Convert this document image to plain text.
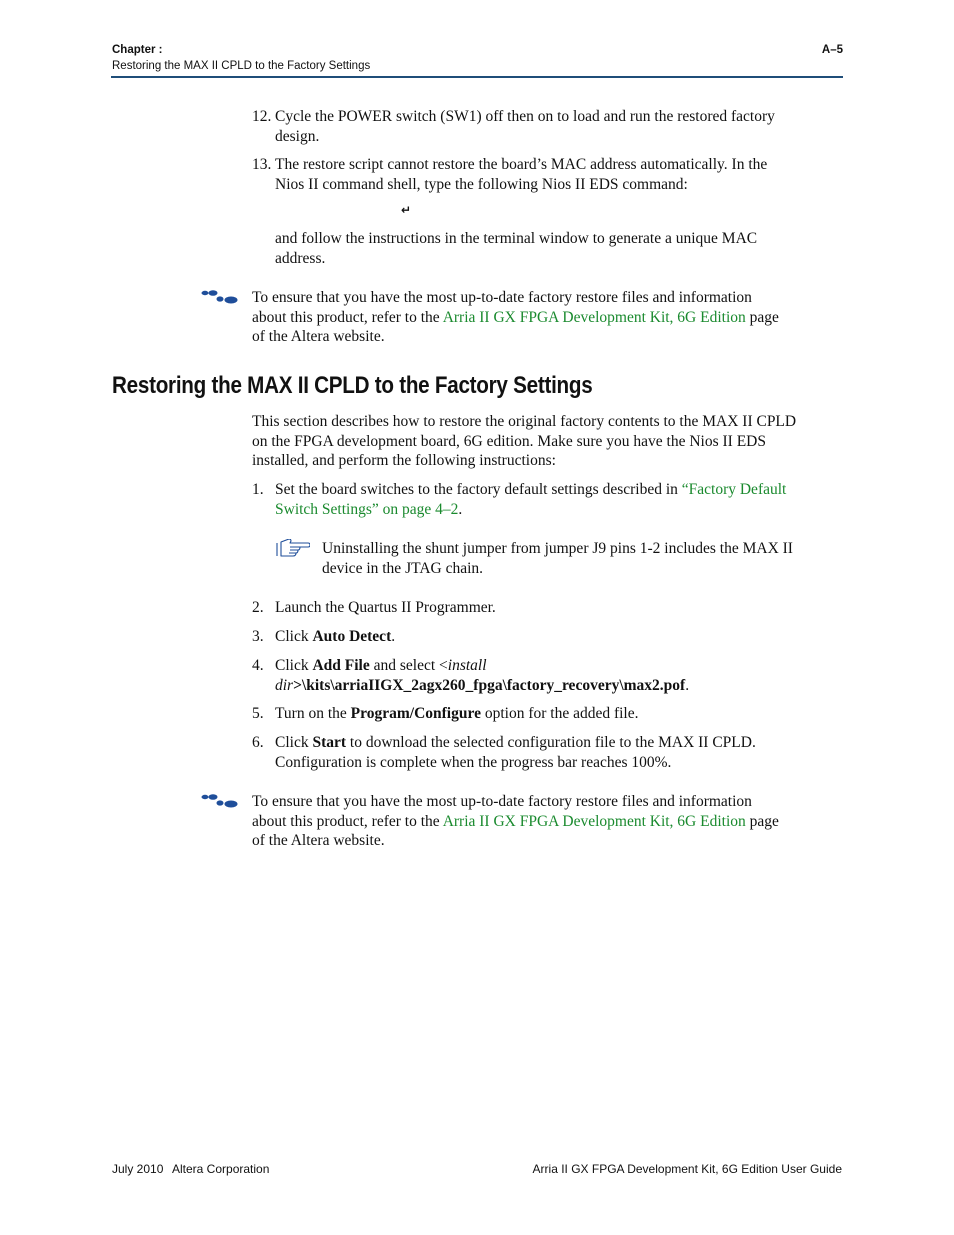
Chapter :
Restoring the MAX II CPLD to the Factory Settings
A–5
12. Cycle the POWER switch (SW1) off then on to load and run the restored factory
design.
13. The restore script cannot restore the board’s MAC address automatically. In the
Nios II command shell, type the following Nios II EDS command:
↵
and follow the instructions in the terminal window to generate a unique MAC
address.
To ensure that you have the most up-to-date factory restore files and information
about this product, refer to the Arria II GX FPGA Development Kit, 6G Edition page
of the Altera website.
Restoring the MAX II CPLD to the Factory Settings
This section describes how to restore the original factory contents to the MAX II CPLD
on the FPGA development board, 6G edition. Make sure you have the Nios II EDS
installed, and perform the following instructions:
1. Set the board switches to the factory default settings described in “Factory Default
Switch Settings” on page 4–2.
Uninstalling the shunt jumper from jumper J9 pins 1-2 includes the MAX II
device in the JTAG chain.
2. Launch the Quartus II Programmer.
3. Click Auto Detect.
4. Click Add File and select <install
dir>\kits\arriaIIGX_2agx260_fpga\factory_recovery\max2.pof.
5. Turn on the Program/Configure option for the added file.
6. Click Start to download the selected configuration file to the MAX II CPLD.
Configuration is complete when the progress bar reaches 100%.
To ensure that you have the most up-to-date factory restore files and information
about this product, refer to the Arria II GX FPGA Development Kit, 6G Edition page
of the Altera website.
July 2010 Altera Corporation	Arria II GX FPGA Development Kit, 6G Edition User Guide
